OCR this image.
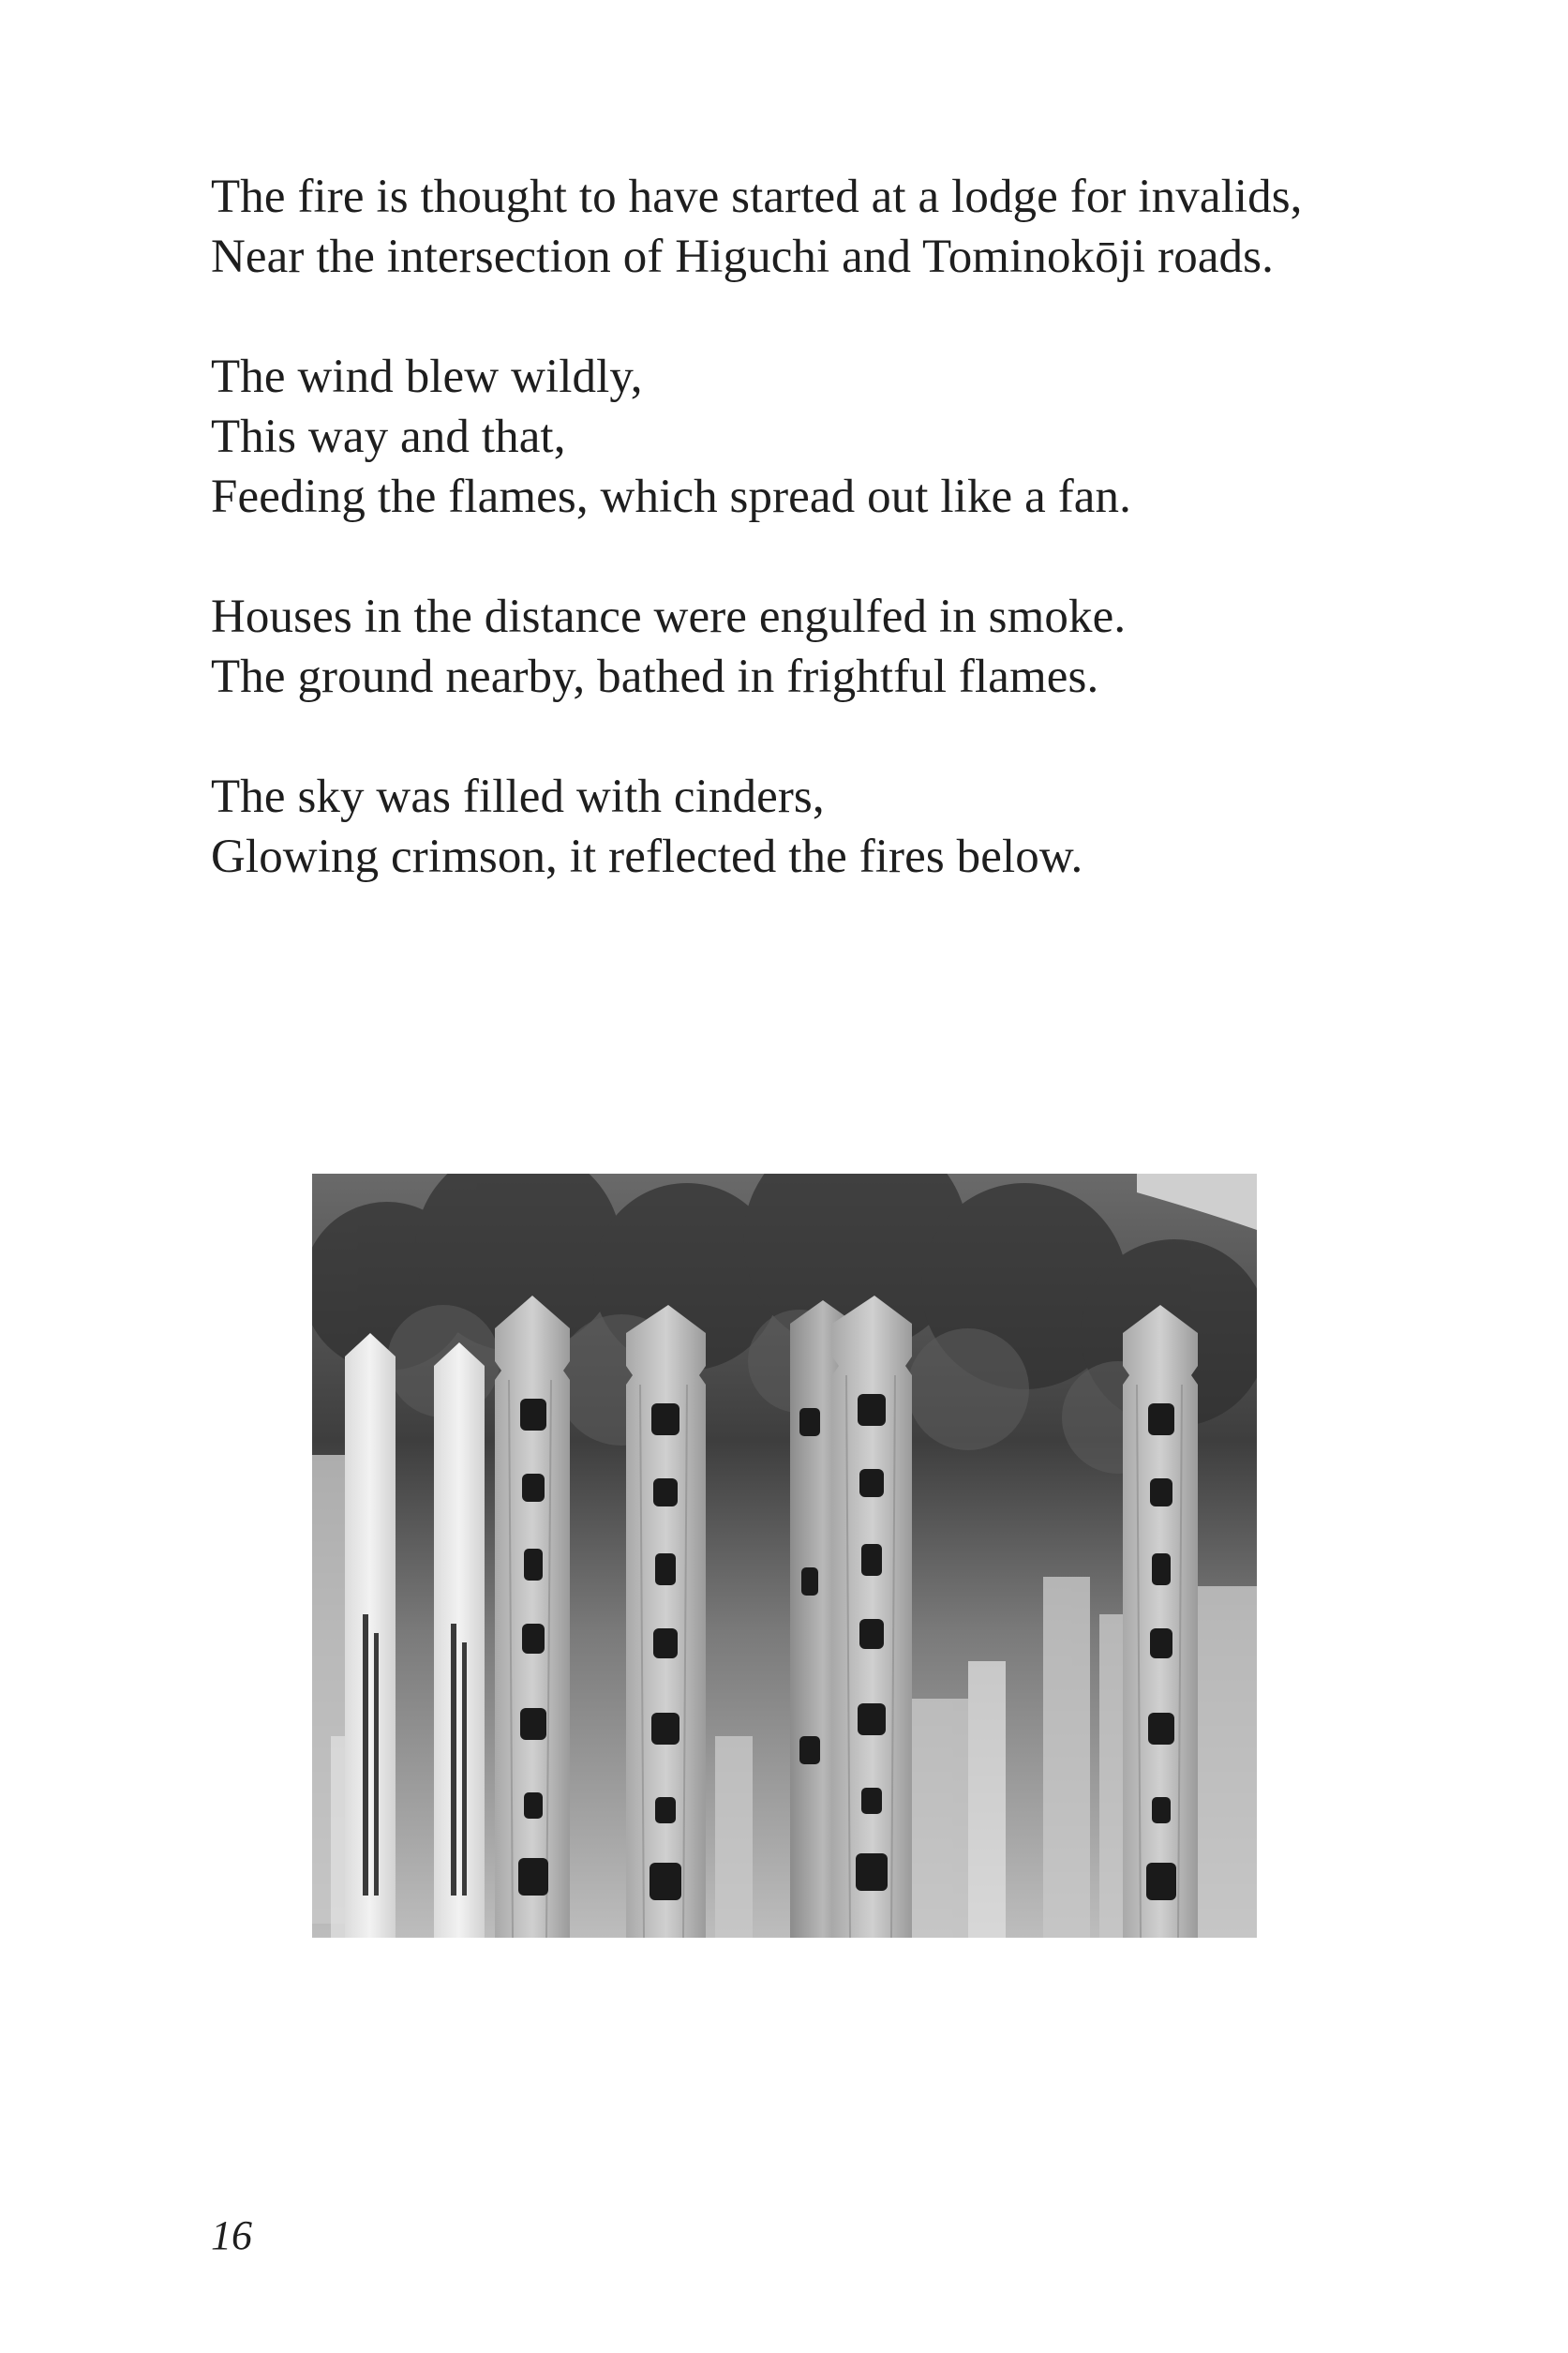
The fire is thought to have started at a lodge for invalids,
Near the intersection of Higuchi and Tominokōji roads.
The wind blew wildly,
This way and that,
Feeding the flames, which spread out like a fan.
Houses in the distance were engulfed in smoke.
The ground nearby, bathed in frightful flames.
The sky was filled with cinders,
Glowing crimson, it reflected the fires below.
16
